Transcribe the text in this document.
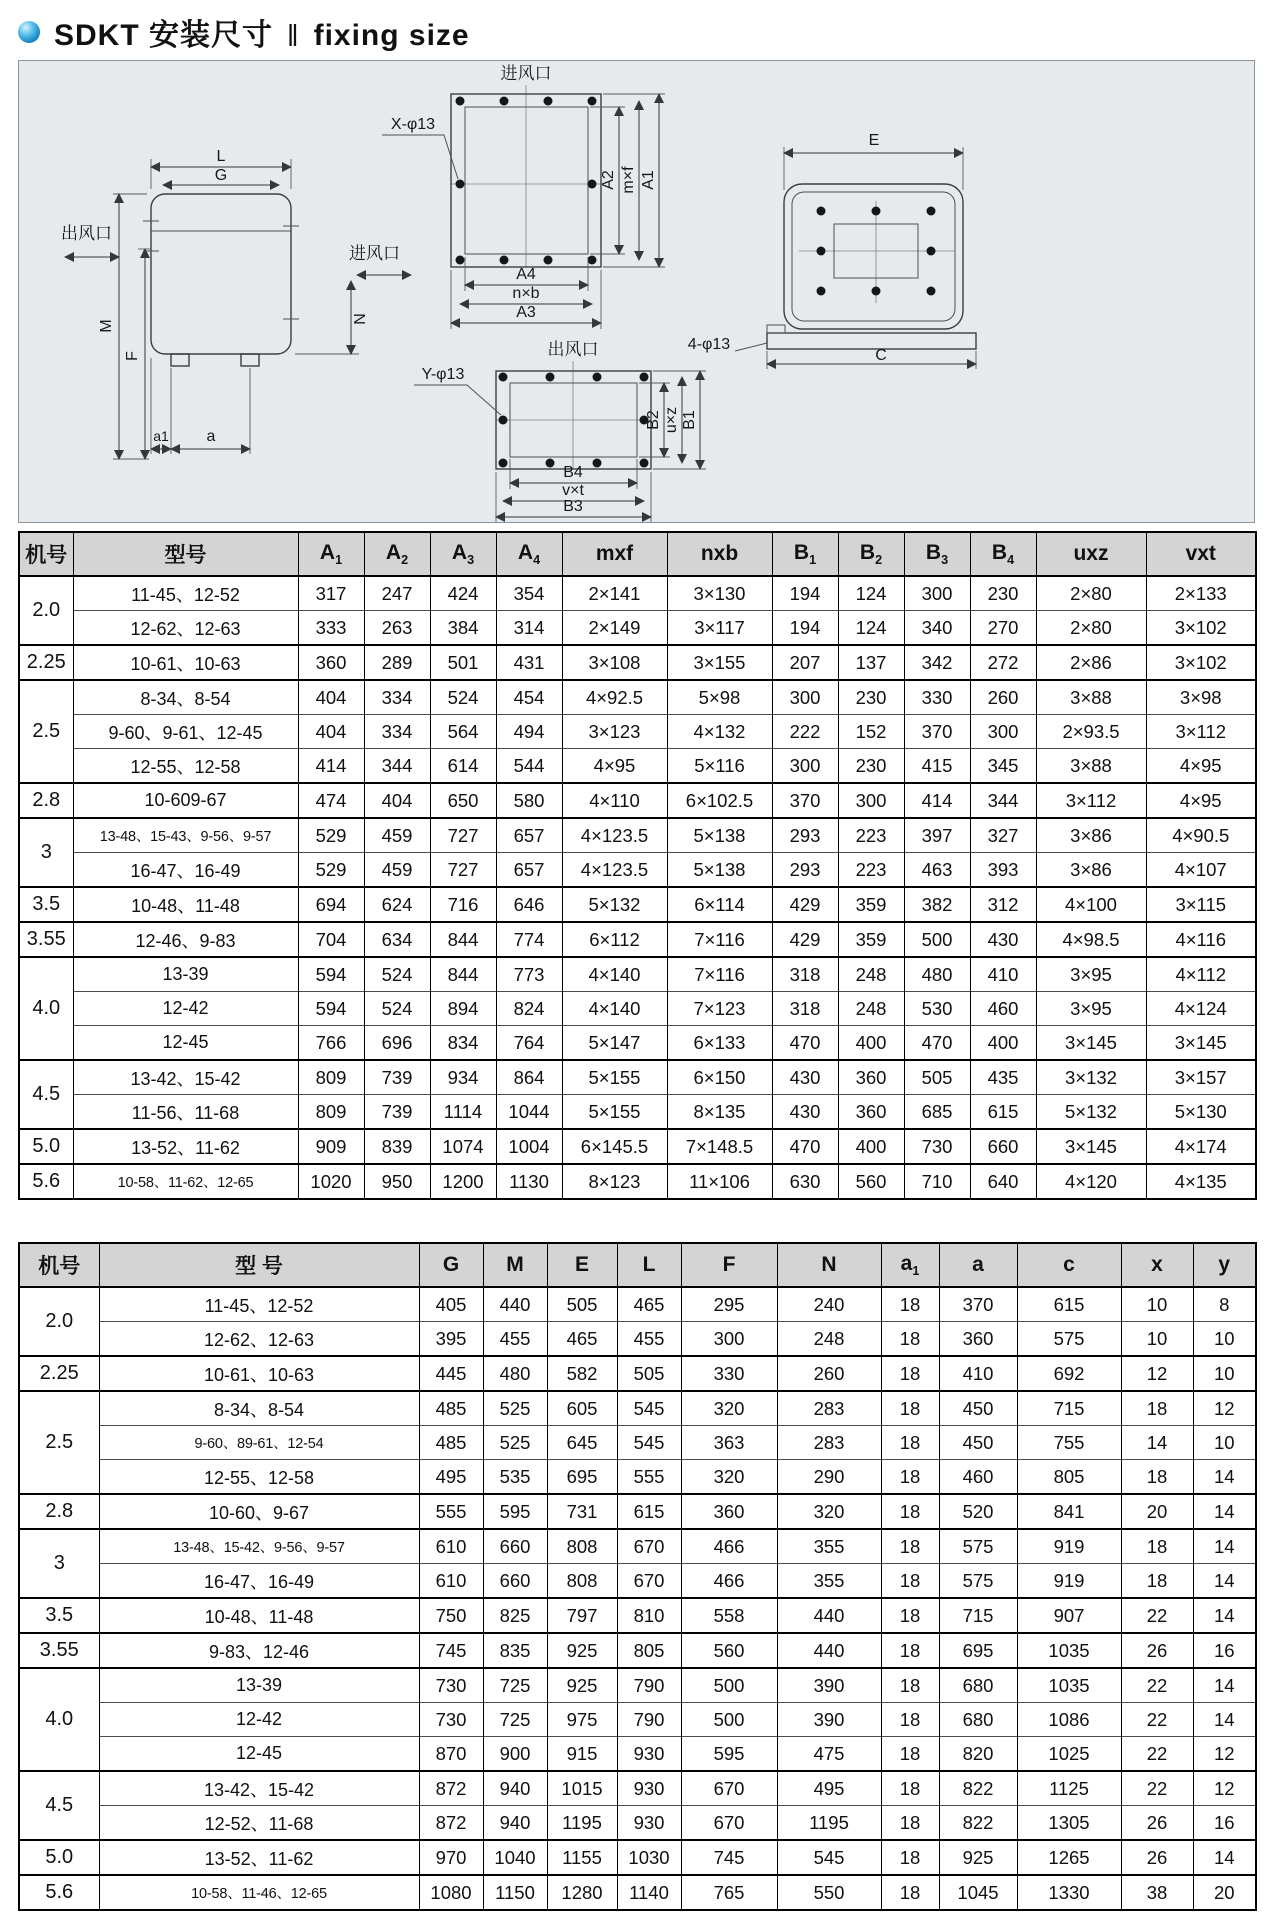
SDKT 安装尺寸 ‖ fixing size
L
G
M
F
出风口
进风口
N
a1 a
进风口
X-φ13
A4
n×b
A3
A2 m×f A1
出风口
Y-φ13
B2 u×z B1
B4
v×t
B3
E
4-φ13
C
机号	型号	$A_1$	$A_2$	$A_3$	$A_4$	mxf	nxb	$B_1$	$B_2$	$B_3$	$B_4$	uxz	vxt
2.0	11-45、12-52	317	247	424	354	2×141	3×130	194	124	300	230	2×80	2×133
	12-62、12-63	333	263	384	314	2×149	3×117	194	124	340	270	2×80	3×102
2.25	10-61、10-63	360	289	501	431	3×108	3×155	207	137	342	272	2×86	3×102
2.5	8-34、8-54	404	334	524	454	4×92.5	5×98	300	230	330	260	3×88	3×98
	9-60、9-61、12-45	404	334	564	494	3×123	4×132	222	152	370	300	2×93.5	3×112
	12-55、12-58	414	344	614	544	4×95	5×116	300	230	415	345	3×88	4×95
2.8	10-609-67	474	404	650	580	4×110	6×102.5	370	300	414	344	3×112	4×95
3	13-48、15-43、9-56、9-57	529	459	727	657	4×123.5	5×138	293	223	397	327	3×86	4×90.5
	16-47、16-49	529	459	727	657	4×123.5	5×138	293	223	463	393	3×86	4×107
3.5	10-48、11-48	694	624	716	646	5×132	6×114	429	359	382	312	4×100	3×115
3.55	12-46、9-83	704	634	844	774	6×112	7×116	429	359	500	430	4×98.5	4×116
4.0	13-39	594	524	844	773	4×140	7×116	318	248	480	410	3×95	4×112
	12-42	594	524	894	824	4×140	7×123	318	248	530	460	3×95	4×124
	12-45	766	696	834	764	5×147	6×133	470	400	470	400	3×145	3×145
4.5	13-42、15-42	809	739	934	864	5×155	6×150	430	360	505	435	3×132	3×157
	11-56、11-68	809	739	1114	1044	5×155	8×135	430	360	685	615	5×132	5×130
5.0	13-52、11-62	909	839	1074	1004	6×145.5	7×148.5	470	400	730	660	3×145	4×174
5.6	10-58、11-62、12-65	1020	950	1200	1130	8×123	11×106	630	560	710	640	4×120	4×135
机号	型 号	G	M	E	L	F	N	$a_1$	a	c	x	y
2.0	11-45、12-52	405	440	505	465	295	240	18	370	615	10	8
	12-62、12-63	395	455	465	455	300	248	18	360	575	10	10
2.25	10-61、10-63	445	480	582	505	330	260	18	410	692	12	10
2.5	8-34、8-54	485	525	605	545	320	283	18	450	715	18	12
	9-60、89-61、12-54	485	525	645	545	363	283	18	450	755	14	10
	12-55、12-58	495	535	695	555	320	290	18	460	805	18	14
2.8	10-60、9-67	555	595	731	615	360	320	18	520	841	20	14
3	13-48、15-42、9-56、9-57	610	660	808	670	466	355	18	575	919	18	14
	16-47、16-49	610	660	808	670	466	355	18	575	919	18	14
3.5	10-48、11-48	750	825	797	810	558	440	18	715	907	22	14
3.55	9-83、12-46	745	835	925	805	560	440	18	695	1035	26	16
4.0	13-39	730	725	925	790	500	390	18	680	1035	22	14
	12-42	730	725	975	790	500	390	18	680	1086	22	14
	12-45	870	900	915	930	595	475	18	820	1025	22	12
4.5	13-42、15-42	872	940	1015	930	670	495	18	822	1125	22	12
	12-52、11-68	872	940	1195	930	670	1195	18	822	1305	26	16
5.0	13-52、11-62	970	1040	1155	1030	745	545	18	925	1265	26	14
5.6	10-58、11-46、12-65	1080	1150	1280	1140	765	550	18	1045	1330	38	20
